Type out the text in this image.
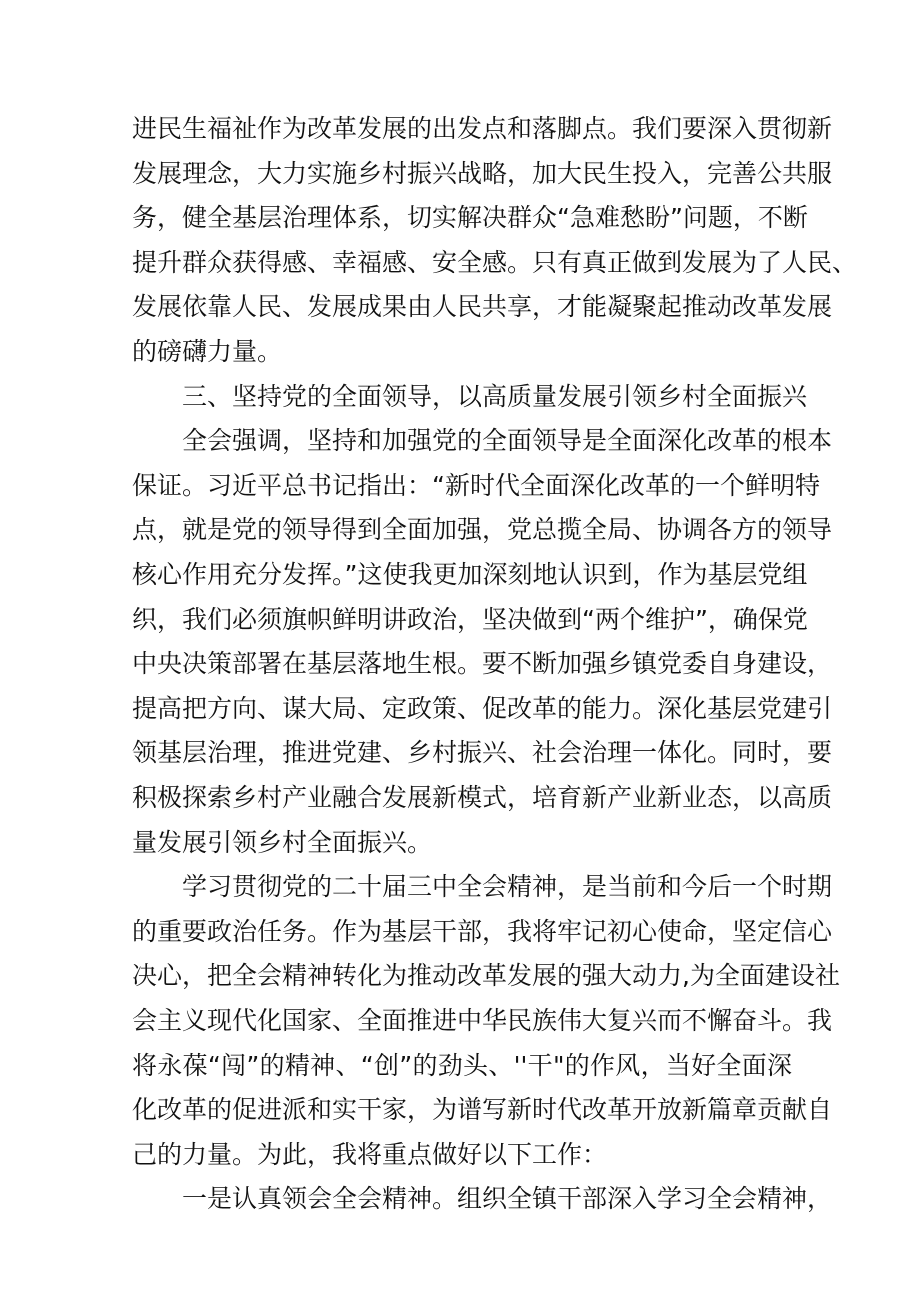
进民生福祉作为改革发展的出发点和落脚点。我们要深入贯彻新
发展理念，大力实施乡村振兴战略，加大民生投入，完善公共服
务，健全基层治理体系，切实解决群众“急难愁盼”问题，不断
提升群众获得感、幸福感、安全感。只有真正做到发展为了人民、
发展依靠人民、发展成果由人民共享，才能凝聚起推动改革发展
的磅礴力量。
三、坚持党的全面领导，以高质量发展引领乡村全面振兴
全会强调，坚持和加强党的全面领导是全面深化改革的根本
保证。习近平总书记指出：“新时代全面深化改革的一个鲜明特
点，就是党的领导得到全面加强，党总揽全局、协调各方的领导
核心作用充分发挥。”这使我更加深刻地认识到，作为基层党组
织，我们必须旗帜鲜明讲政治，坚决做到“两个维护”，确保党
中央决策部署在基层落地生根。要不断加强乡镇党委自身建设，
提高把方向、谋大局、定政策、促改革的能力。深化基层党建引
领基层治理，推进党建、乡村振兴、社会治理一体化。同时，要
积极探索乡村产业融合发展新模式，培育新产业新业态，以高质
量发展引领乡村全面振兴。
学习贯彻党的二十届三中全会精神，是当前和今后一个时期
的重要政治任务。作为基层干部，我将牢记初心使命，坚定信心
决心，把全会精神转化为推动改革发展的强大动力,为全面建设社
会主义现代化国家、全面推进中华民族伟大复兴而不懈奋斗。我
将永葆“闯”的精神、“创”的劲头、''干"的作风，当好全面深
化改革的促进派和实干家，为谱写新时代改革开放新篇章贡献自
己的力量。为此，我将重点做好以下工作：
一是认真领会全会精神。组织全镇干部深入学习全会精神，
